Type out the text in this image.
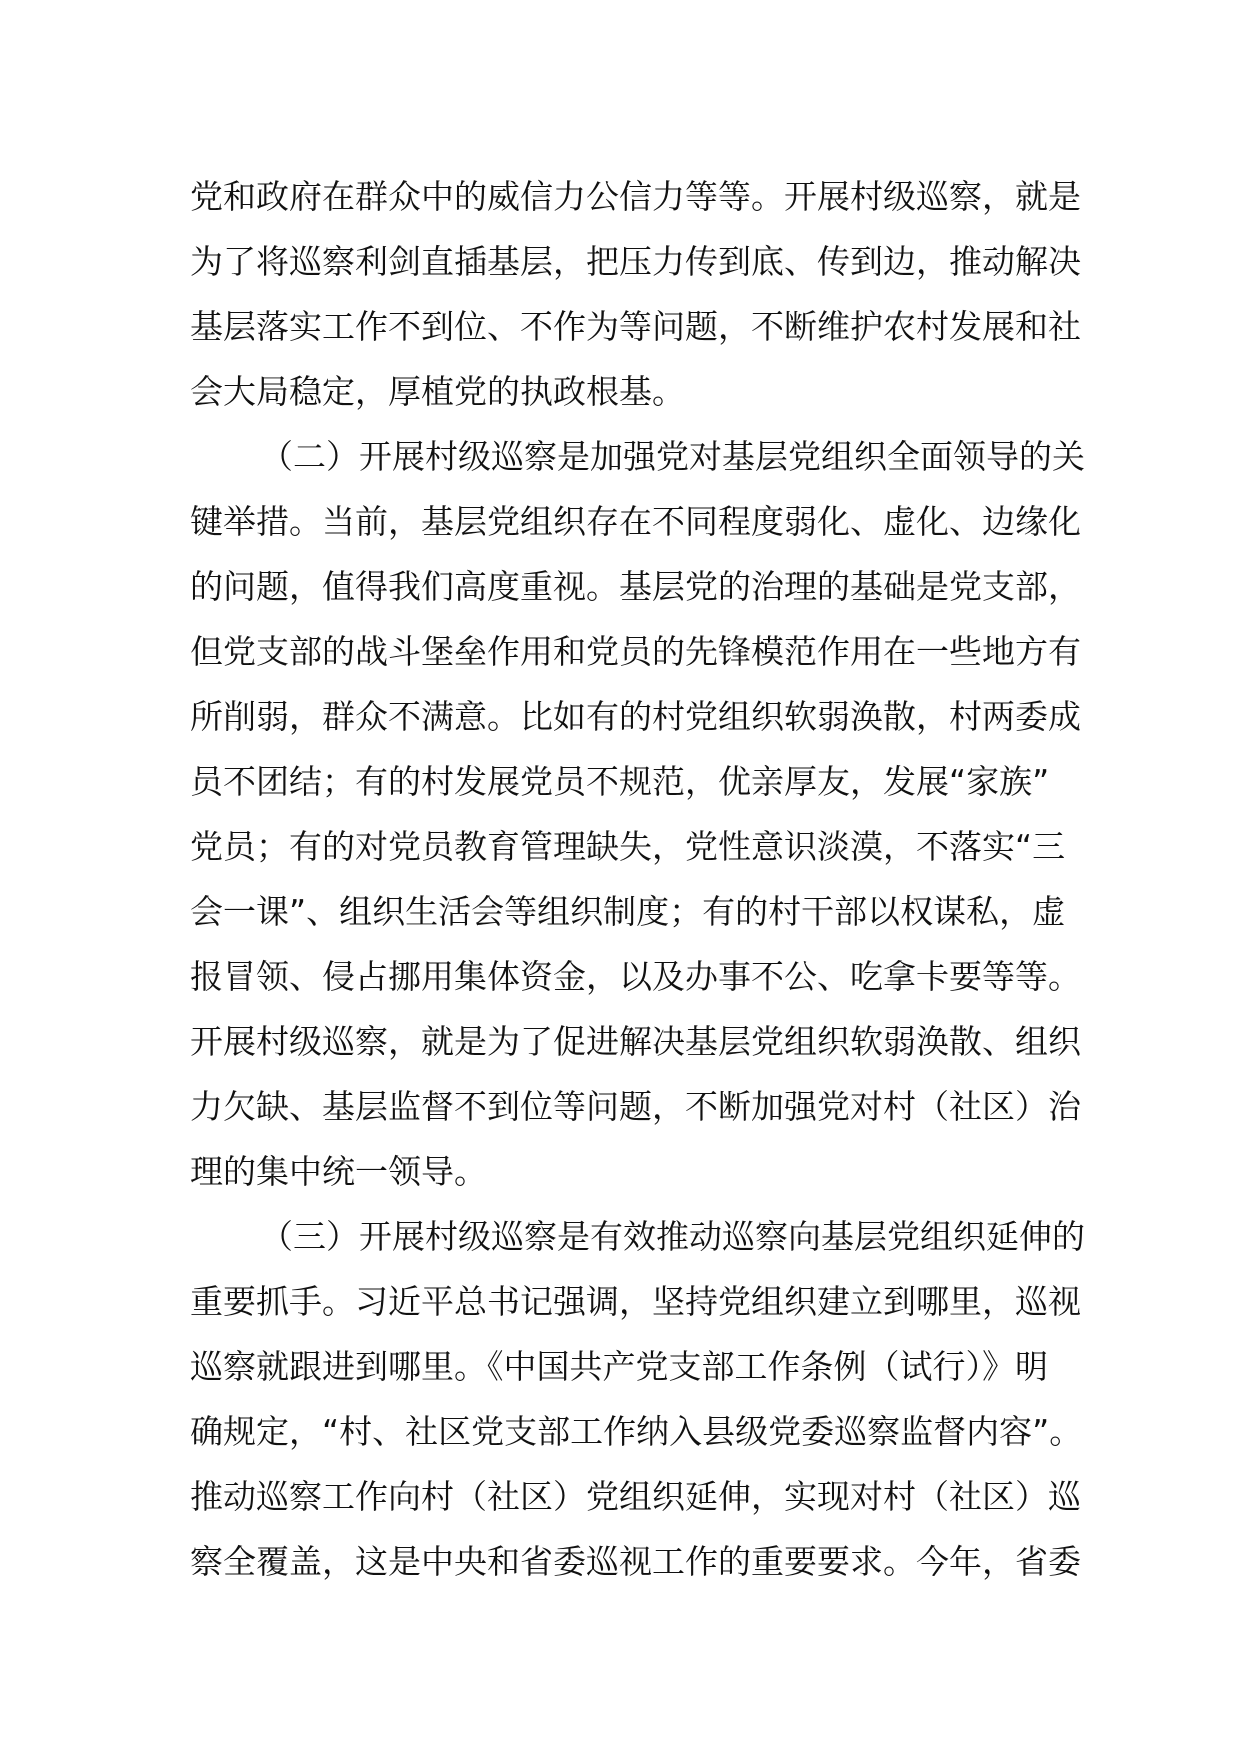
党和政府在群众中的威信力公信力等等。开展村级巡察，就是
为了将巡察利剑直插基层，把压力传到底、传到边，推动解决
基层落实工作不到位、不作为等问题，不断维护农村发展和社
会大局稳定，厚植党的执政根基。
（二）开展村级巡察是加强党对基层党组织全面领导的关
键举措。当前，基层党组织存在不同程度弱化、虚化、边缘化
的问题，值得我们高度重视。基层党的治理的基础是党支部，
但党支部的战斗堡垒作用和党员的先锋模范作用在一些地方有
所削弱，群众不满意。比如有的村党组织软弱涣散，村两委成
员不团结；有的村发展党员不规范，优亲厚友，发展“家族”
党员；有的对党员教育管理缺失，党性意识淡漠，不落实“三
会一课”、组织生活会等组织制度；有的村干部以权谋私，虚
报冒领、侵占挪用集体资金，以及办事不公、吃拿卡要等等。
开展村级巡察，就是为了促进解决基层党组织软弱涣散、组织
力欠缺、基层监督不到位等问题，不断加强党对村（社区）治
理的集中统一领导。
（三）开展村级巡察是有效推动巡察向基层党组织延伸的
重要抓手。习近平总书记强调，坚持党组织建立到哪里，巡视
巡察就跟进到哪里。《中国共产党支部工作条例（试行）》明
确规定，“村、社区党支部工作纳入县级党委巡察监督内容”。
推动巡察工作向村（社区）党组织延伸，实现对村（社区）巡
察全覆盖，这是中央和省委巡视工作的重要要求。今年，省委
